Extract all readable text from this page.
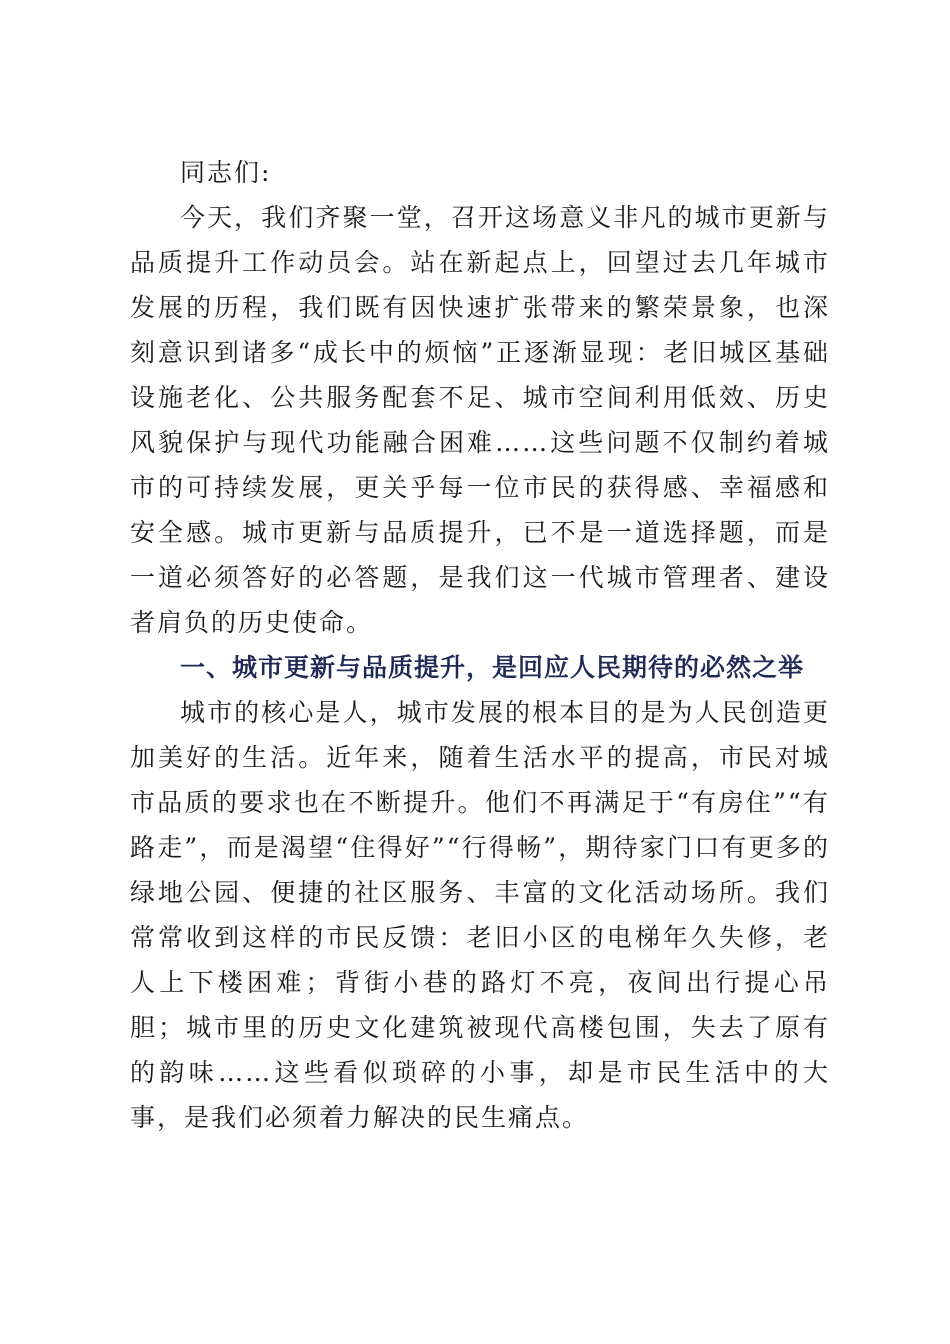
同志们:

今天，我们齐聚一堂，召开这场意义非凡的城市更新与品质提升工作动员会。站在新起点上，回望过去几年城市发展的历程，我们既有因快速扩张带来的繁荣景象，也深刻意识到诸多“成长中的烦恼”正逐渐显现：老旧城区基础设施老化、公共服务配套不足、城市空间利用低效、历史风貌保护与现代功能融合困难……这些问题不仅制约着城市的可持续发展，更关乎每一位市民的获得感、幸福感和安全感。城市更新与品质提升，已不是一道选择题，而是一道必须答好的必答题，是我们这一代城市管理者、建设者肩负的历史使命。

一、城市更新与品质提升，是回应人民期待的必然之举

城市的核心是人，城市发展的根本目的是为人民创造更加美好的生活。近年来，随着生活水平的提高，市民对城市品质的要求也在不断提升。他们不再满足于“有房住”“有路走”，而是渴望“住得好”“行得畅”，期待家门口有更多的绿地公园、便捷的社区服务、丰富的文化活动场所。我们常常收到这样的市民反馈：老旧小区的电梯年久失修，老人上下楼困难；背街小巷的路灯不亮，夜间出行提心吊胆；城市里的历史文化建筑被现代高楼包围，失去了原有的韵味……这些看似琐碎的小事，却是市民生活中的大事，是我们必须着力解决的民生痛点。
